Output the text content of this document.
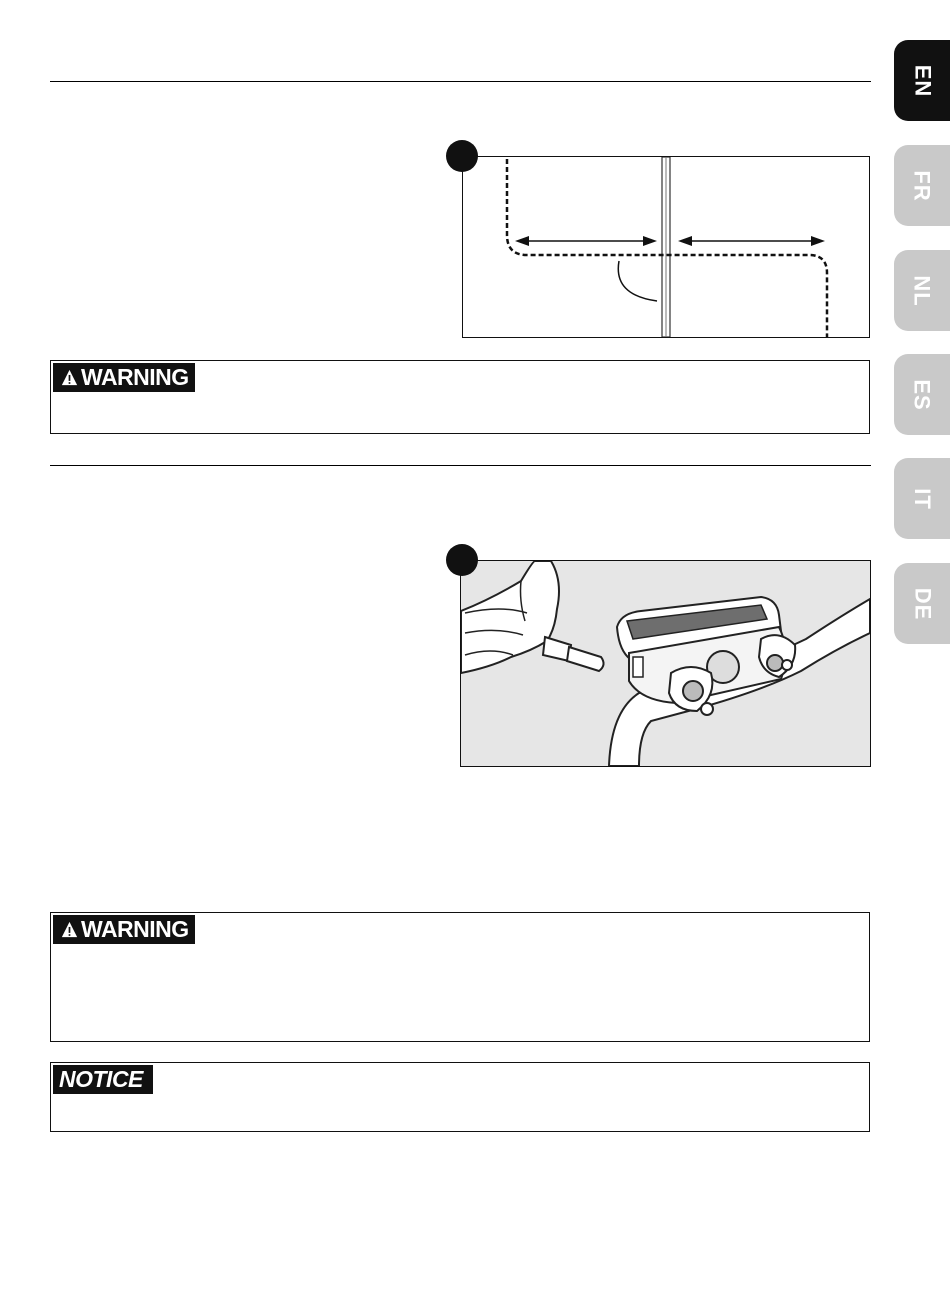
EN
FR
NL
ES
IT
DE
WARNING
WARNING
NOTICE
